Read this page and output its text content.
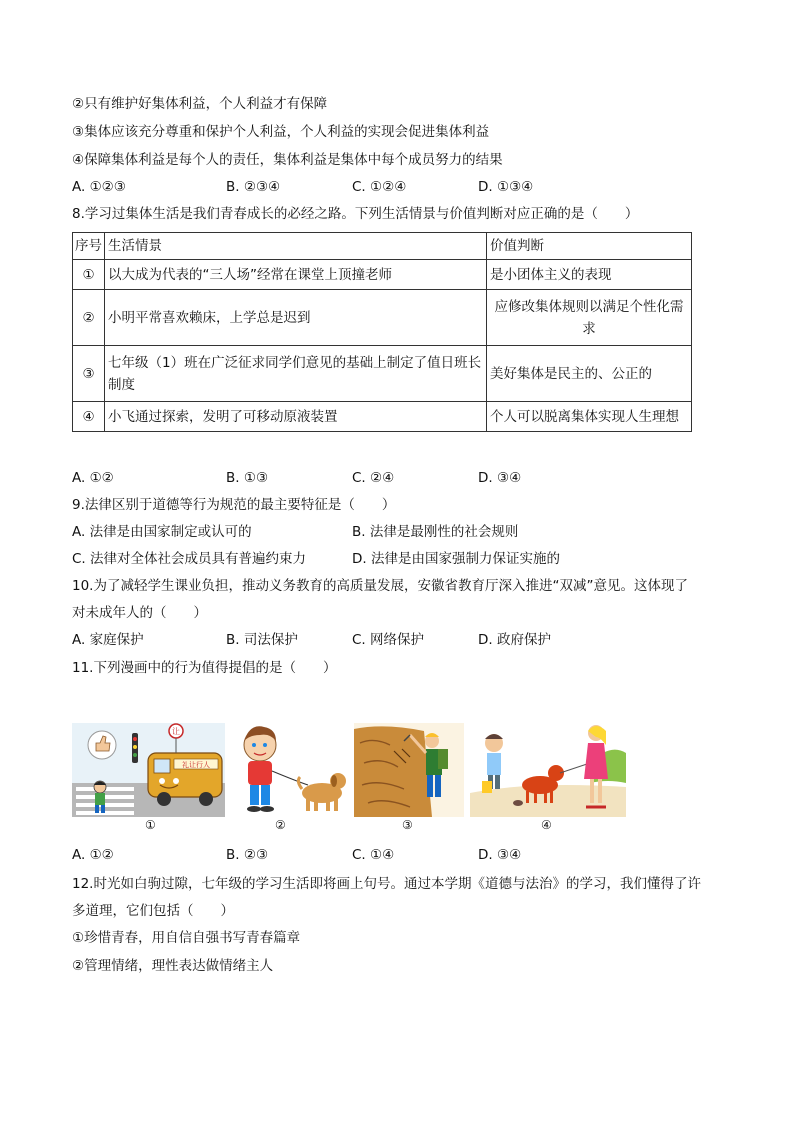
②只有维护好集体利益，个人利益才有保障
③集体应该充分尊重和保护个人利益，个人利益的实现会促进集体利益
④保障集体利益是每个人的责任，集体利益是集体中每个成员努力的结果
A. ①②③	B. ②③④	C. ①②④	D. ①③④
8.学习过集体生活是我们青春成长的必经之路。下列生活情景与价值判断对应正确的是（　　）
序号	生活情景	价值判断
①	以大成为代表的“三人场”经常在课堂上顶撞老师	是小团体主义的表现
②	小明平常喜欢赖床，上学总是迟到	应修改集体规则以满足个性化需求
③	七年级（1）班在广泛征求同学们意见的基础上制定了值日班长制度	美好集体是民主的、公正的
④	小飞通过探索，发明了可移动原液装置	个人可以脱离集体实现人生理想
A. ①②	B. ①③	C. ②④	D. ③④
9.法律区别于道德等行为规范的最主要特征是（　　）
A. 法律是由国家制定或认可的	B. 法律是最刚性的社会规则
C. 法律对全体社会成员具有普遍约束力	D. 法律是由国家强制力保证实施的
10.为了减轻学生课业负担，推动义务教育的高质量发展，安徽省教育厅深入推进“双减”意见。这体现了
对未成年人的（　　）
A. 家庭保护	B. 司法保护	C. 网络保护	D. 政府保护
11.下列漫画中的行为值得提倡的是（　　）
礼让行人
让
①	②	③	④
A. ①②	B. ②③	C. ①④	D. ③④
12.时光如白驹过隙，七年级的学习生活即将画上句号。通过本学期《道德与法治》的学习，我们懂得了许
多道理，它们包括（　　）
①珍惜青春，用自信自强书写青春篇章
②管理情绪，理性表达做情绪主人
